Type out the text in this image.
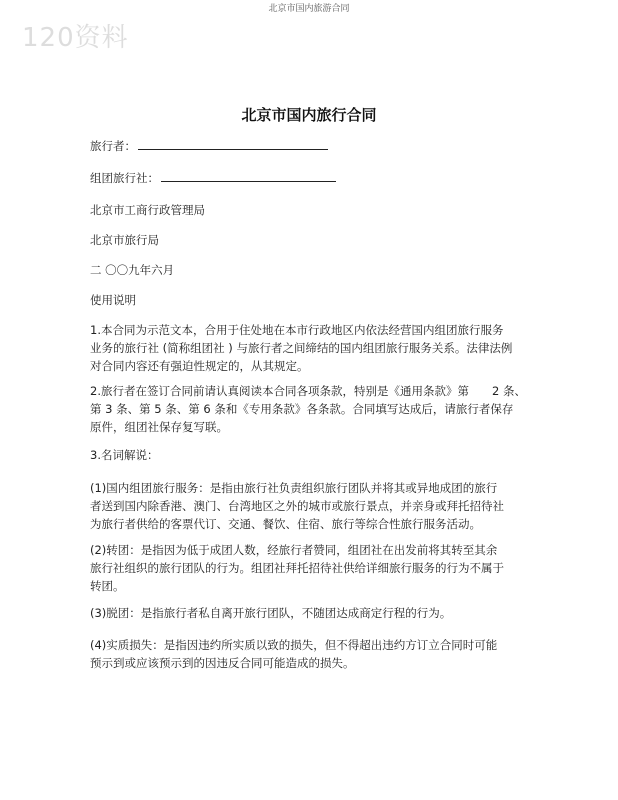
北京市国内旅游合同
120资料
北京市国内旅行合同
旅行者：
组团旅行社：
北京市工商行政管理局
北京市旅行局
二 〇〇九年六月
使用说明
1.本合同为示范文本，合用于住处地在本市行政地区内依法经营国内组团旅行服务
业务的旅行社 (简称组团社 ) 与旅行者之间缔结的国内组团旅行服务关系。法律法例
对合同内容还有强迫性规定的，从其规定。
2.旅行者在签订合同前请认真阅读本合同各项条款，特别是《通用条款》第　　2 条、
第 3 条、第 5 条、第 6 条和《专用条款》各条款。合同填写达成后，请旅行者保存
原件，组团社保存复写联。
3.名词解说：
(1)国内组团旅行服务：是指由旅行社负责组织旅行团队并将其或异地成团的旅行
者送到国内除香港、澳门、台湾地区之外的城市或旅行景点，并亲身或拜托招待社
为旅行者供给的客票代订、交通、餐饮、住宿、旅行等综合性旅行服务活动。
(2)转团：是指因为低于成团人数，经旅行者赞同，组团社在出发前将其转至其余
旅行社组织的旅行团队的行为。组团社拜托招待社供给详细旅行服务的行为不属于
转团。
(3)脱团：是指旅行者私自离开旅行团队，不随团达成商定行程的行为。
(4)实质损失：是指因违约所实质以致的损失，但不得超出违约方订立合同时可能
预示到或应该预示到的因违反合同可能造成的损失。
